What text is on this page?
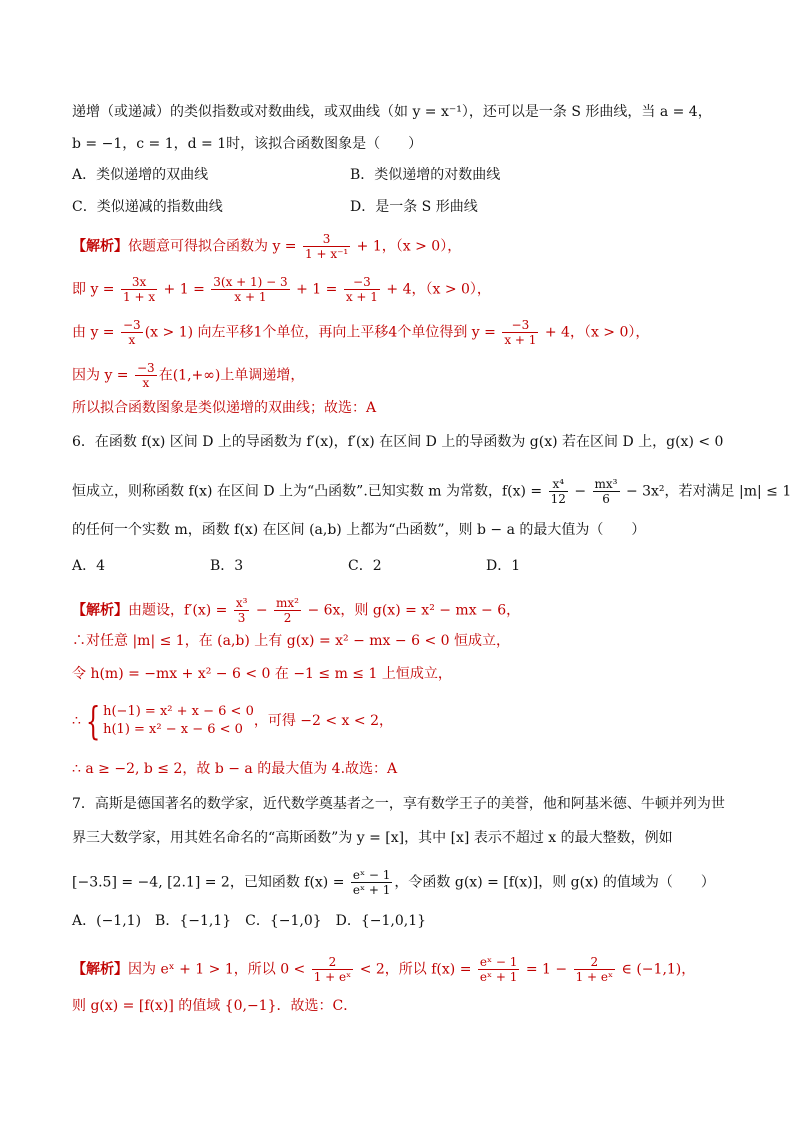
递增（或递减）的类似指数或对数曲线，或双曲线（如 y = x⁻¹），还可以是一条 S 形曲线，当 a = 4，
b = −1，c = 1，d = 1时，该拟合函数图象是（　　）
A．类似递增的双曲线	B．类似递增的对数曲线
C．类似递减的指数曲线	D．是一条 S 形曲线
【解析】依题意可得拟合函数为 $y = \frac{3}{\text{1 + x⁻¹}} + 1$，（x > 0），
即 $y = \frac{3x}{1 + x} + 1 = \frac{3(x + 1) - 3}{x + 1} + 1 = \frac{-3}{x + 1} + 4$，（x > 0），
由 $y = \frac{-3}{x} (x > 1)$ 向左平移1个单位，再向上平移4个单位得到 $y = \frac{-3}{x + 1} + 4$，（x > 0），
因为 $y = \frac{-3}{x}$ 在(1,+∞)上单调递增，
所以拟合函数图象是类似递增的双曲线；故选：A
6．在函数 f(x) 区间 D 上的导函数为 f′(x)，f′(x) 在区间 D 上的导函数为 g(x) 若在区间 D 上，g(x) < 0
恒成立，则称函数 f(x) 在区间 D 上为“凸函数”.已知实数 m 为常数，$f(x) = \frac{\text{x⁴}}{12} - \frac{\text{mx³}}{6} - 3x^2$，若对满足 |m| ≤ 1
的任何一个实数 m，函数 f(x) 在区间 (a,b) 上都为“凸函数”，则 b − a 的最大值为（　　）
A．4	B．3	C．2	D．1
【解析】由题设，$f'(x) = \frac{\text{x³}}{3} - \frac{\text{mx²}}{2} - 6x$，则 g(x) = x² − mx − 6，
∴对任意 |m| ≤ 1，在 (a,b) 上有 g(x) = x² − mx − 6 < 0 恒成立，
令 h(m) = −mx + x² − 6 < 0 在 −1 ≤ m ≤ 1 上恒成立，
∴ { h(−1) = x² + x − 6 < 0
h(1) = x² − x − 6 < 0
，可得 −2 < x < 2，
∴ a ≥ −2, b ≤ 2，故 b − a 的最大值为 4.故选：A
7．高斯是德国著名的数学家，近代数学奠基者之一，享有数学王子的美誉，他和阿基米德、牛顿并列为世
界三大数学家，用其姓名命名的“高斯函数”为 y = [x]，其中 [x] 表示不超过 x 的最大整数，例如
[−3.5] = −4, [2.1] = 2，已知函数 $f(x) = \frac{\text{eˣ − 1}}{\text{eˣ + 1}}$ ，令函数 g(x) = [f(x)]，则 g(x) 的值域为（　　）
A．(−1,1)　B．{−1,1}　C．{−1,0}　D．{−1,0,1}
【解析】因为 eˣ + 1 > 1，所以 $0 < \frac{2}{\text{1 + eˣ}} < 2$，所以 $f(x) = \frac{\text{eˣ − 1}}{\text{eˣ + 1}} = 1 - \frac{2}{\text{1 + eˣ}}$ ∈ (−1,1)，
则 g(x) = [f(x)] 的值域 {0,−1}．故选：C．
